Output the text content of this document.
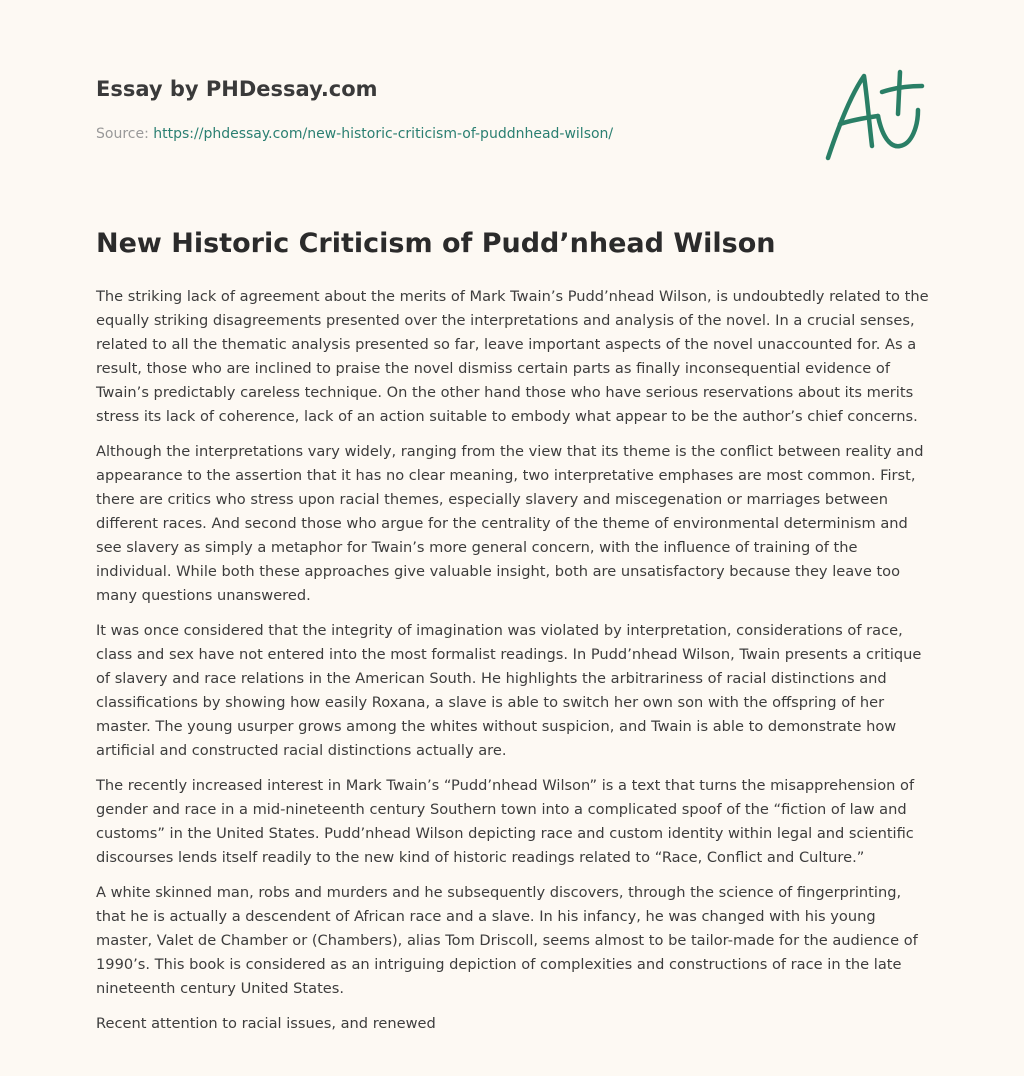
Essay by PHDessay.com
Source: https://phdessay.com/new-historic-criticism-of-puddnhead-wilson/
New Historic Criticism of Pudd’nhead Wilson

The striking lack of agreement about the merits of Mark Twain’s Pudd’nhead Wilson, is undoubtedly related to the equally striking disagreements presented over the interpretations and analysis of the novel. In a crucial senses, related to all the thematic analysis presented so far, leave important aspects of the novel unaccounted for. As a result, those who are inclined to praise the novel dismiss certain parts as finally inconsequential evidence of Twain’s predictably careless technique. On the other hand those who have serious reservations about its merits stress its lack of coherence, lack of an action suitable to embody what appear to be the author’s chief concerns.

Although the interpretations vary widely, ranging from the view that its theme is the conflict between reality and appearance to the assertion that it has no clear meaning, two interpretative emphases are most common. First, there are critics who stress upon racial themes, especially slavery and miscegenation or marriages between different races. And second those who argue for the centrality of the theme of environmental determinism and see slavery as simply a metaphor for Twain’s more general concern, with the influence of training of the individual. While both these approaches give valuable insight, both are unsatisfactory because they leave too many questions unanswered.

It was once considered that the integrity of imagination was violated by interpretation, considerations of race, class and sex have not entered into the most formalist readings. In Pudd’nhead Wilson, Twain presents a critique of slavery and race relations in the American South. He highlights the arbitrariness of racial distinctions and classifications by showing how easily Roxana, a slave is able to switch her own son with the offspring of her master. The young usurper grows among the whites without suspicion, and Twain is able to demonstrate how artificial and constructed racial distinctions actually are.

The recently increased interest in Mark Twain’s “Pudd’nhead Wilson” is a text that turns the misapprehension of gender and race in a mid-nineteenth century Southern town into a complicated spoof of the “fiction of law and customs” in the United States. Pudd’nhead Wilson depicting race and custom identity within legal and scientific discourses lends itself readily to the new kind of historic readings related to “Race, Conflict and Culture.”

A white skinned man, robs and murders and he subsequently discovers, through the science of fingerprinting, that he is actually a descendent of African race and a slave. In his infancy, he was changed with his young master, Valet de Chamber or (Chambers), alias Tom Driscoll, seems almost to be tailor-made for the audience of 1990’s. This book is considered as an intriguing depiction of complexities and constructions of race in the late nineteenth century United States.

Recent attention to racial issues, and renewed
